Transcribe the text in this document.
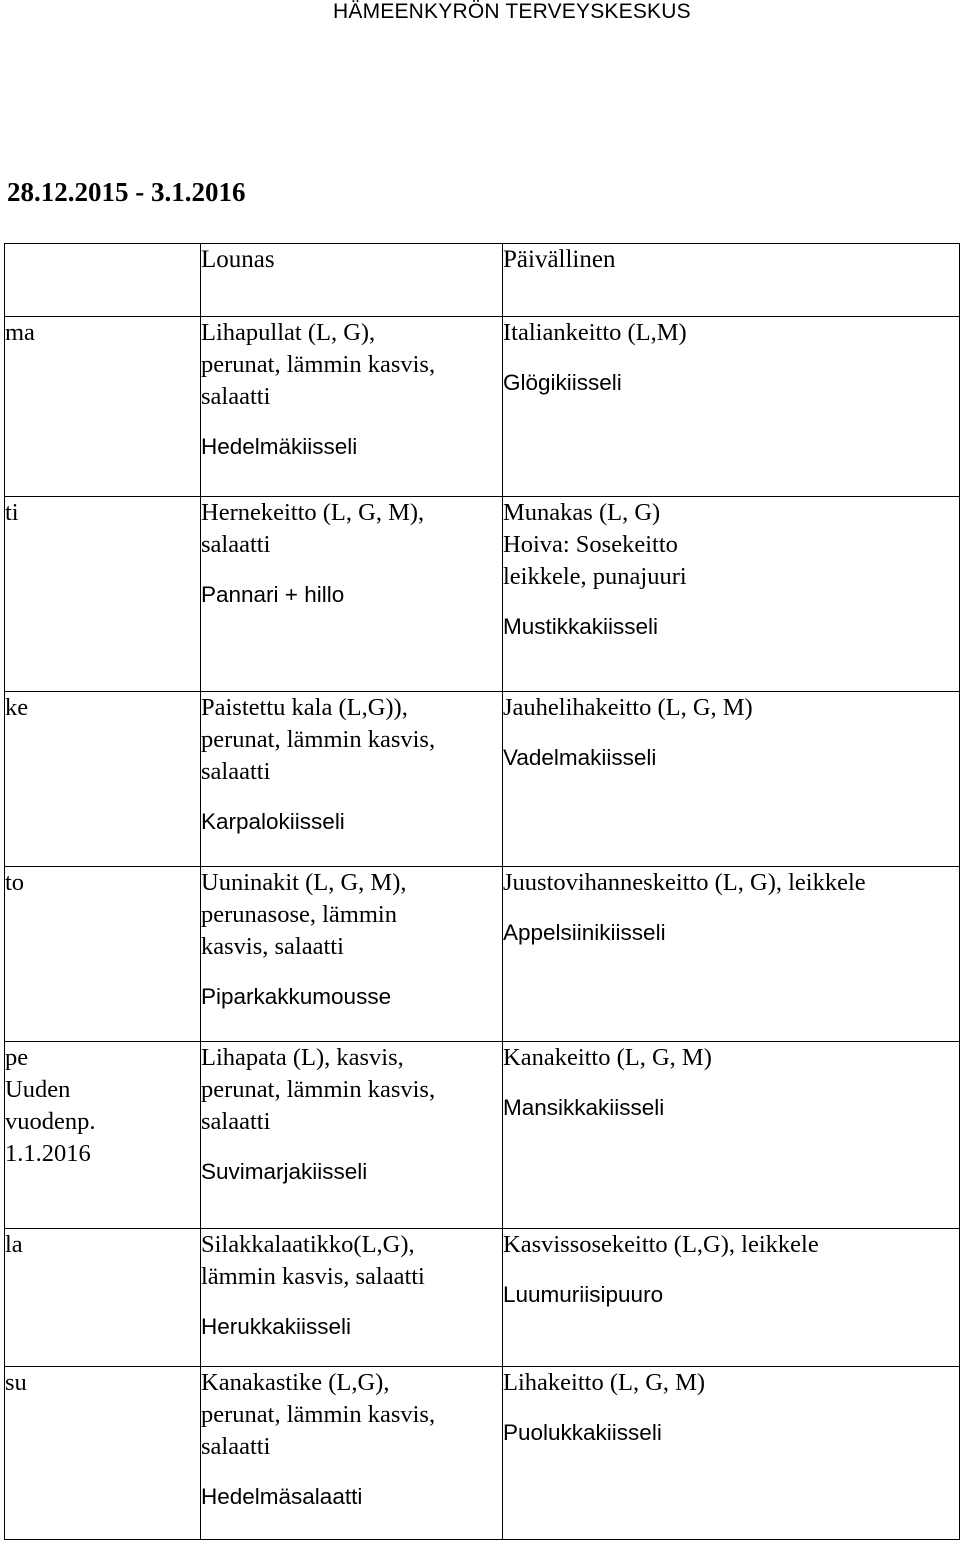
HÄMEENKYRÖN TERVEYSKESKUS
28.12.2015 - 3.1.2016
	Lounas	Päivällinen

ma	Lihapullat (L, G),
perunat, lämmin kasvis,
salaatti
Hedelmäkiisseli	Italiankeitto (L,M)
Glögikiisseli

ti	Hernekeitto (L, G, M),
salaatti
Pannari + hillo	Munakas (L, G)
Hoiva: Sosekeitto
leikkele, punajuuri
Mustikkakiisseli

ke	Paistettu kala (L,G)),
perunat, lämmin kasvis,
salaatti
Karpalokiisseli	Jauhelihakeitto (L, G, M)
Vadelmakiisseli

to	Uuninakit (L, G, M),
perunasose, lämmin
kasvis, salaatti
Piparkakkumousse	Juustovihanneskeitto (L, G), leikkele
Appelsiinikiisseli

pe
Uuden
vuodenp.
1.1.2016	Lihapata (L), kasvis,
perunat, lämmin kasvis,
salaatti
Suvimarjakiisseli	Kanakeitto (L, G, M)
Mansikkakiisseli

la	Silakkalaatikko(L,G),
lämmin kasvis, salaatti
Herukkakiisseli	Kasvissosekeitto (L,G), leikkele
Luumuriisipuuro

su	Kanakastike (L,G),
perunat, lämmin kasvis,
salaatti
Hedelmäsalaatti	Lihakeitto (L, G, M)
Puolukkakiisseli
